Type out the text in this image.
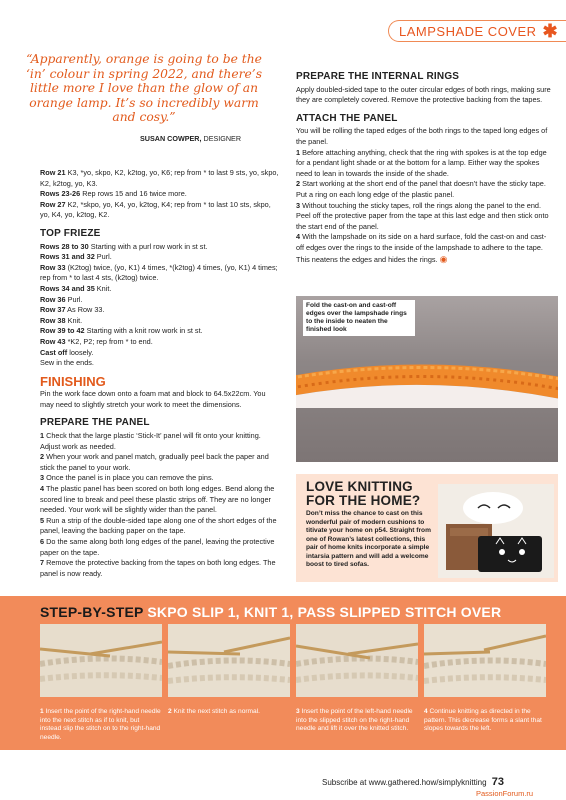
LAMPSHADE COVER ✱

“Apparently, orange is going to be the ‘in’ colour in spring 2022, and there’s little more I love than the glow of an orange lamp. It’s so incredibly warm and cosy.”

SUSAN COWPER, DESIGNER

Row 21 K3, *yo, skpo, K2, k2tog, yo, K6; rep from * to last 9 sts, yo, skpo, K2, k2tog, yo, K3.

Rows 23-26 Rep rows 15 and 16 twice more.

Row 27 K2, *skpo, yo, K4, yo, k2tog, K4; rep from * to last 10 sts, skpo, yo, K4, yo, k2tog, K2.

TOP FRIEZE

Rows 28 to 30 Starting with a purl row work in st st.

Rows 31 and 32 Purl.

Row 33 (K2tog) twice, (yo, K1) 4 times, *(k2tog) 4 times, (yo, K1) 4 times; rep from * to last 4 sts, (k2tog) twice.

Rows 34 and 35 Knit.

Row 36 Purl.

Row 37 As Row 33.

Row 38 Knit.

Row 39 to 42 Starting with a knit row work in st st.

Row 43 *K2, P2; rep from * to end.

Cast off loosely.

Sew in the ends.

FINISHING

Pin the work face down onto a foam mat and block to 64.5x22cm. You may need to slightly stretch your work to meet the dimensions.

PREPARE THE PANEL

1 Check that the large plastic ‘Stick-It’ panel will fit onto your knitting. Adjust work as needed.

2 When your work and panel match, gradually peel back the paper and stick the panel to your work.

3 Once the panel is in place you can remove the pins.

4 The plastic panel has been scored on both long edges. Bend along the scored line to break and peel these plastic strips off. They are no longer needed. Your work will be slightly wider than the panel.

5 Run a strip of the double-sided tape along one of the short edges of the panel, leaving the backing paper on the tape.

6 Do the same along both long edges of the panel, leaving the protective paper on the tape.

7 Remove the protective backing from the tapes on both long edges. The panel is now ready.

PREPARE THE INTERNAL RINGS

Apply doubled-sided tape to the outer circular edges of both rings, making sure they are completely covered. Remove the protective backing from the tapes.

ATTACH THE PANEL

You will be rolling the taped edges of the both rings to the taped long edges of the panel.

1 Before attaching anything, check that the ring with spokes is at the top edge for a pendant light shade or at the bottom for a lamp. Either way the spokes need to lean in towards the inside of the shade.

2 Start working at the short end of the panel that doesn’t have the sticky tape. Put a ring on each long edge of the plastic panel.

3 Without touching the sticky tapes, roll the rings along the panel to the end. Peel off the protective paper from the tape at this last edge and then stick onto the start end of the panel.

4 With the lampshade on its side on a hard surface, fold the cast-on and cast-off edges over the rings to the inside of the lampshade to adhere to the tape. This neatens the edges and hides the rings. ◉

Fold the cast-on and cast-off edges over the lampshade rings to the inside to neaten the finished look
LOVE KNITTING
FOR THE HOME?

Don’t miss the chance to cast on this wonderful pair of modern cushions to titivate your home on p54. Straight from one of Rowan’s latest collections, this pair of home knits incorporate a simple intarsia pattern and will add a welcome boost to tired sofas.

STEP-BY-STEP SKPO SLIP 1, KNIT 1, PASS SLIPPED STITCH OVER

1 Insert the point of the right-hand needle into the next stitch as if to knit, but instead slip the stitch on to the right-hand needle.

2 Knit the next stitch as normal.	3 Insert the point of the left-hand needle into the slipped stitch on the right-hand needle and lift it over the knitted stitch.

4 Continue knitting as directed in the pattern. This decrease forms a slant that slopes towards the left.

Subscribe at www.gathered.how/simplyknitting 73
PassionForum.ru
